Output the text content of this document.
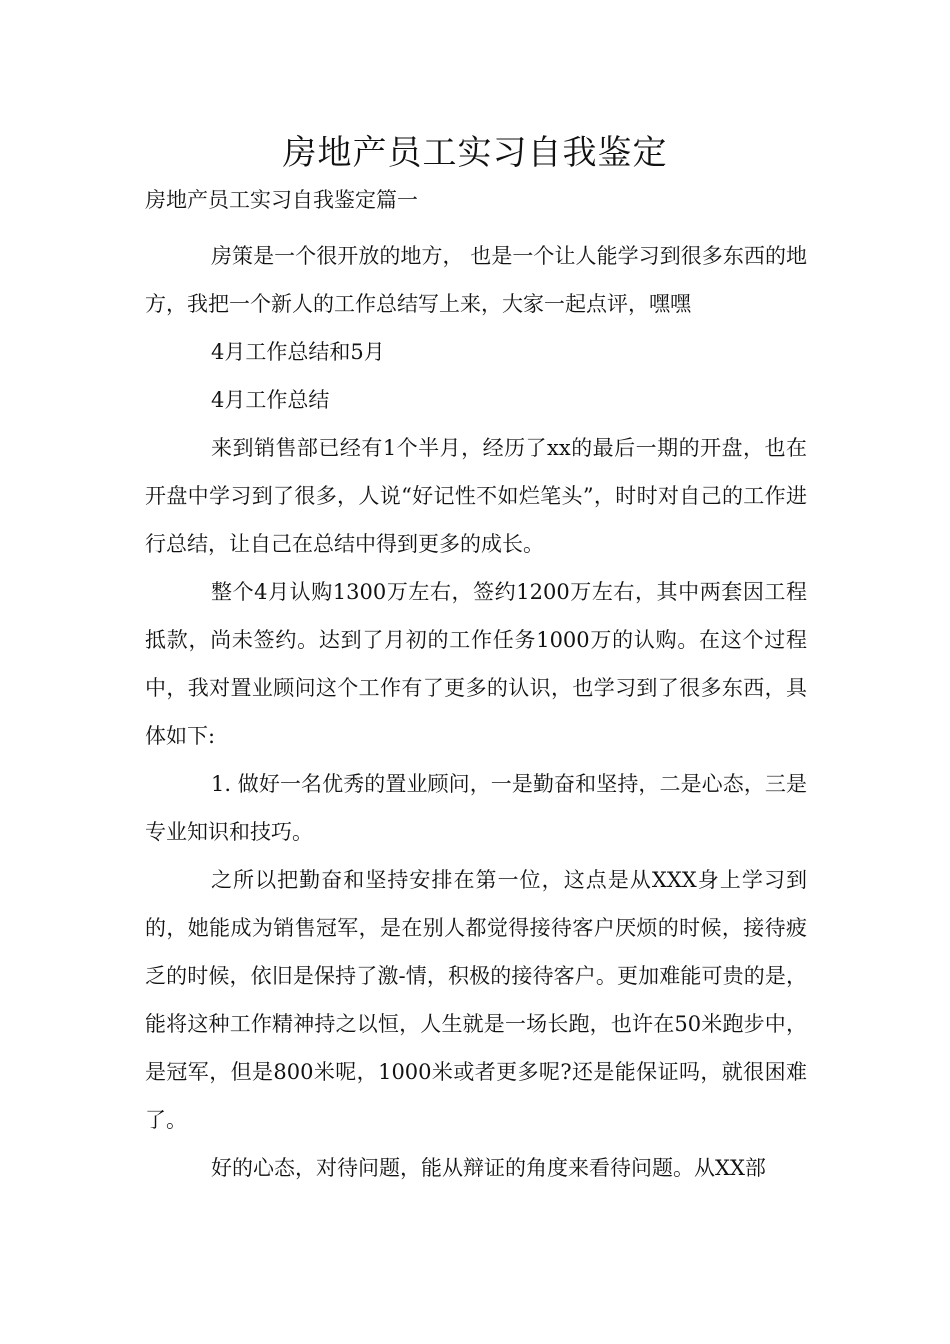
房地产员工实习自我鉴定
房地产员工实习自我鉴定篇一

房策是一个很开放的地方， 也是一个让人能学习到很多东西的地方，我把一个新人的工作总结写上来，大家一起点评，嘿嘿

4月工作总结和5月

4月工作总结

来到销售部已经有1个半月，经历了xx的最后一期的开盘，也在开盘中学习到了很多，人说“好记性不如烂笔头”，时时对自己的工作进行总结，让自己在总结中得到更多的成长。

整个4月认购1300万左右，签约1200万左右，其中两套因工程抵款，尚未签约。达到了月初的工作任务1000万的认购。在这个过程中，我对置业顾问这个工作有了更多的认识，也学习到了很多东西，具体如下:

1. 做好一名优秀的置业顾问，一是勤奋和坚持，二是心态，三是专业知识和技巧。

之所以把勤奋和坚持安排在第一位，这点是从XXX身上学习到的，她能成为销售冠军，是在别人都觉得接待客户厌烦的时候，接待疲乏的时候，依旧是保持了激-情，积极的接待客户。更加难能可贵的是，能将这种工作精神持之以恒，人生就是一场长跑，也许在50米跑步中，是冠军，但是800米呢，1000米或者更多呢?还是能保证吗，就很困难了。

好的心态，对待问题，能从辩证的角度来看待问题。从XX部
